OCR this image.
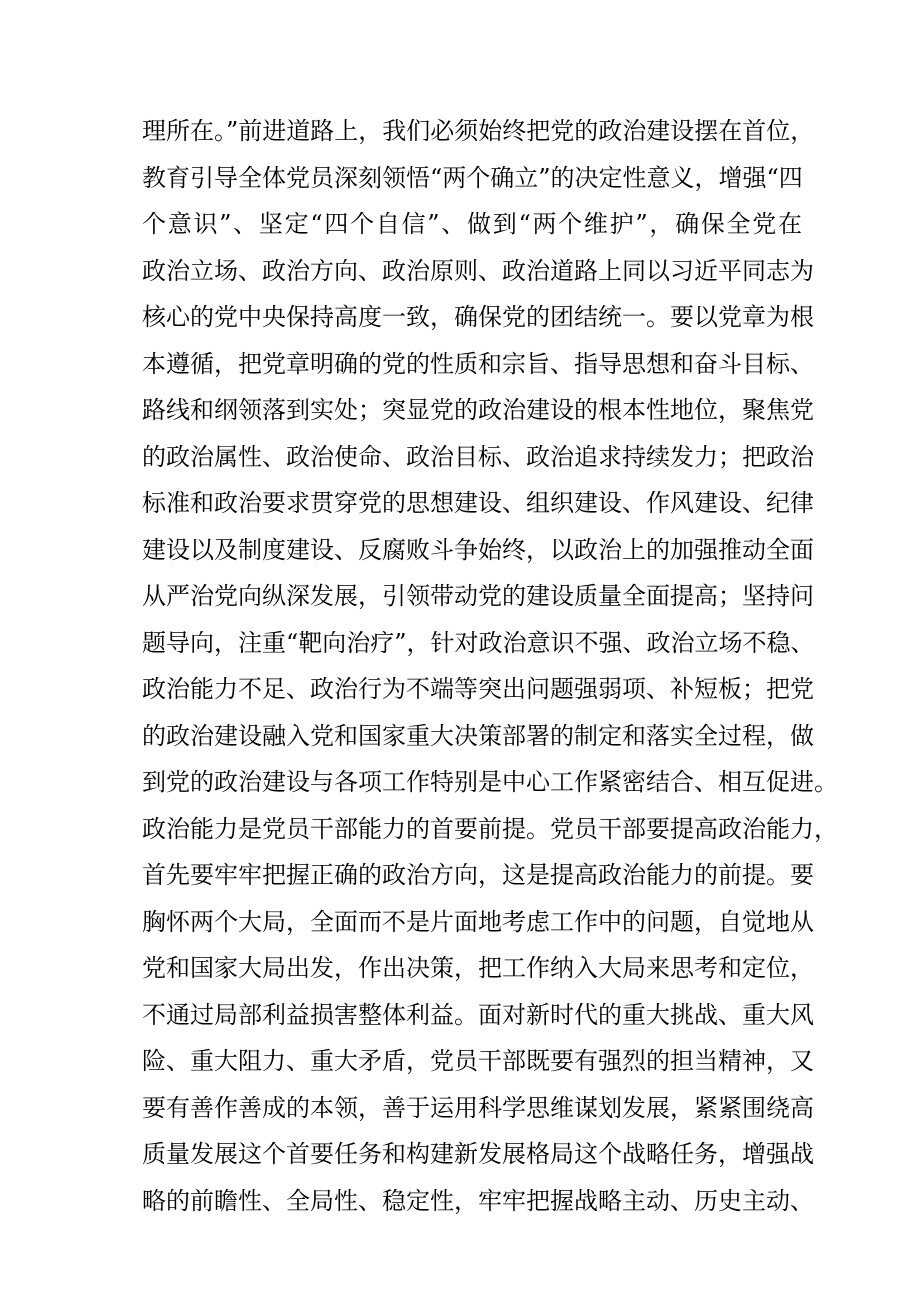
理所在。”前进道路上，我们必须始终把党的政治建设摆在首位，
教育引导全体党员深刻领悟“两个确立”的决定性意义，增强“四
个意识”、坚定“四个自信”、做到“两个维护”，确保全党在
政治立场、政治方向、政治原则、政治道路上同以习近平同志为
核心的党中央保持高度一致，确保党的团结统一。要以党章为根
本遵循，把党章明确的党的性质和宗旨、指导思想和奋斗目标、
路线和纲领落到实处；突显党的政治建设的根本性地位，聚焦党
的政治属性、政治使命、政治目标、政治追求持续发力；把政治
标准和政治要求贯穿党的思想建设、组织建设、作风建设、纪律
建设以及制度建设、反腐败斗争始终，以政治上的加强推动全面
从严治党向纵深发展，引领带动党的建设质量全面提高；坚持问
题导向，注重“靶向治疗”，针对政治意识不强、政治立场不稳、
政治能力不足、政治行为不端等突出问题强弱项、补短板；把党
的政治建设融入党和国家重大决策部署的制定和落实全过程，做
到党的政治建设与各项工作特别是中心工作紧密结合、相互促进。
政治能力是党员干部能力的首要前提。党员干部要提高政治能力，
首先要牢牢把握正确的政治方向，这是提高政治能力的前提。要
胸怀两个大局，全面而不是片面地考虑工作中的问题，自觉地从
党和国家大局出发，作出决策，把工作纳入大局来思考和定位，
不通过局部利益损害整体利益。面对新时代的重大挑战、重大风
险、重大阻力、重大矛盾，党员干部既要有强烈的担当精神，又
要有善作善成的本领，善于运用科学思维谋划发展，紧紧围绕高
质量发展这个首要任务和构建新发展格局这个战略任务，增强战
略的前瞻性、全局性、稳定性，牢牢把握战略主动、历史主动、
